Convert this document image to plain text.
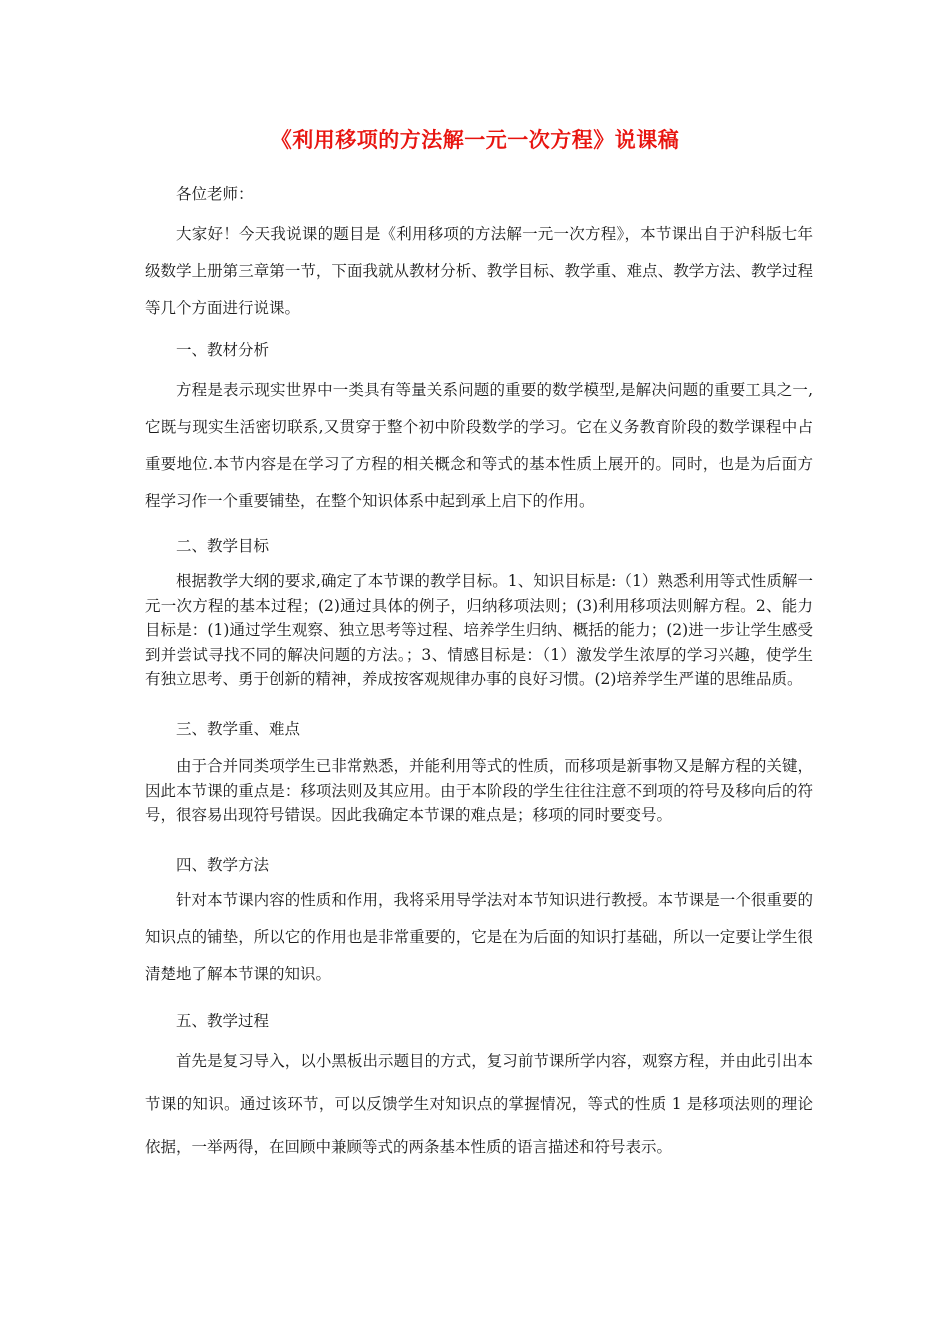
《利用移项的方法解一元一次方程》说课稿

各位老师：

大家好！今天我说课的题目是《利用移项的方法解一元一次方程》，本节课出自于沪科版七年级数学上册第三章第一节，下面我就从教材分析、教学目标、教学重、难点、教学方法、教学过程等几个方面进行说课。

一、教材分析

方程是表示现实世界中一类具有等量关系问题的重要的数学模型,是解决问题的重要工具之一,它既与现实生活密切联系,又贯穿于整个初中阶段数学的学习。它在义务教育阶段的数学课程中占重要地位.本节内容是在学习了方程的相关概念和等式的基本性质上展开的。同时，也是为后面方程学习作一个重要铺垫，在整个知识体系中起到承上启下的作用。

二、教学目标

根据教学大纲的要求,确定了本节课的教学目标。1、知识目标是:（1）熟悉利用等式性质解一元一次方程的基本过程；(2)通过具体的例子，归纳移项法则；(3)利用移项法则解方程。2、能力目标是：(1)通过学生观察、独立思考等过程、培养学生归纳、概括的能力；(2)进一步让学生感受到并尝试寻找不同的解决问题的方法。；3、情感目标是：（1）激发学生浓厚的学习兴趣，使学生有独立思考、勇于创新的精神，养成按客观规律办事的良好习惯。(2)培养学生严谨的思维品质。

三、教学重、难点

由于合并同类项学生已非常熟悉，并能利用等式的性质，而移项是新事物又是解方程的关键，因此本节课的重点是：移项法则及其应用。由于本阶段的学生往往注意不到项的符号及移向后的符号，很容易出现符号错误。因此我确定本节课的难点是；移项的同时要变号。

四、教学方法

针对本节课内容的性质和作用，我将采用导学法对本节知识进行教授。本节课是一个很重要的知识点的铺垫，所以它的作用也是非常重要的，它是在为后面的知识打基础，所以一定要让学生很清楚地了解本节课的知识。

五、教学过程

首先是复习导入，以小黑板出示题目的方式，复习前节课所学内容，观察方程，并由此引出本节课的知识。通过该环节，可以反馈学生对知识点的掌握情况，等式的性质 1 是移项法则的理论依据，一举两得，在回顾中兼顾等式的两条基本性质的语言描述和符号表示。
